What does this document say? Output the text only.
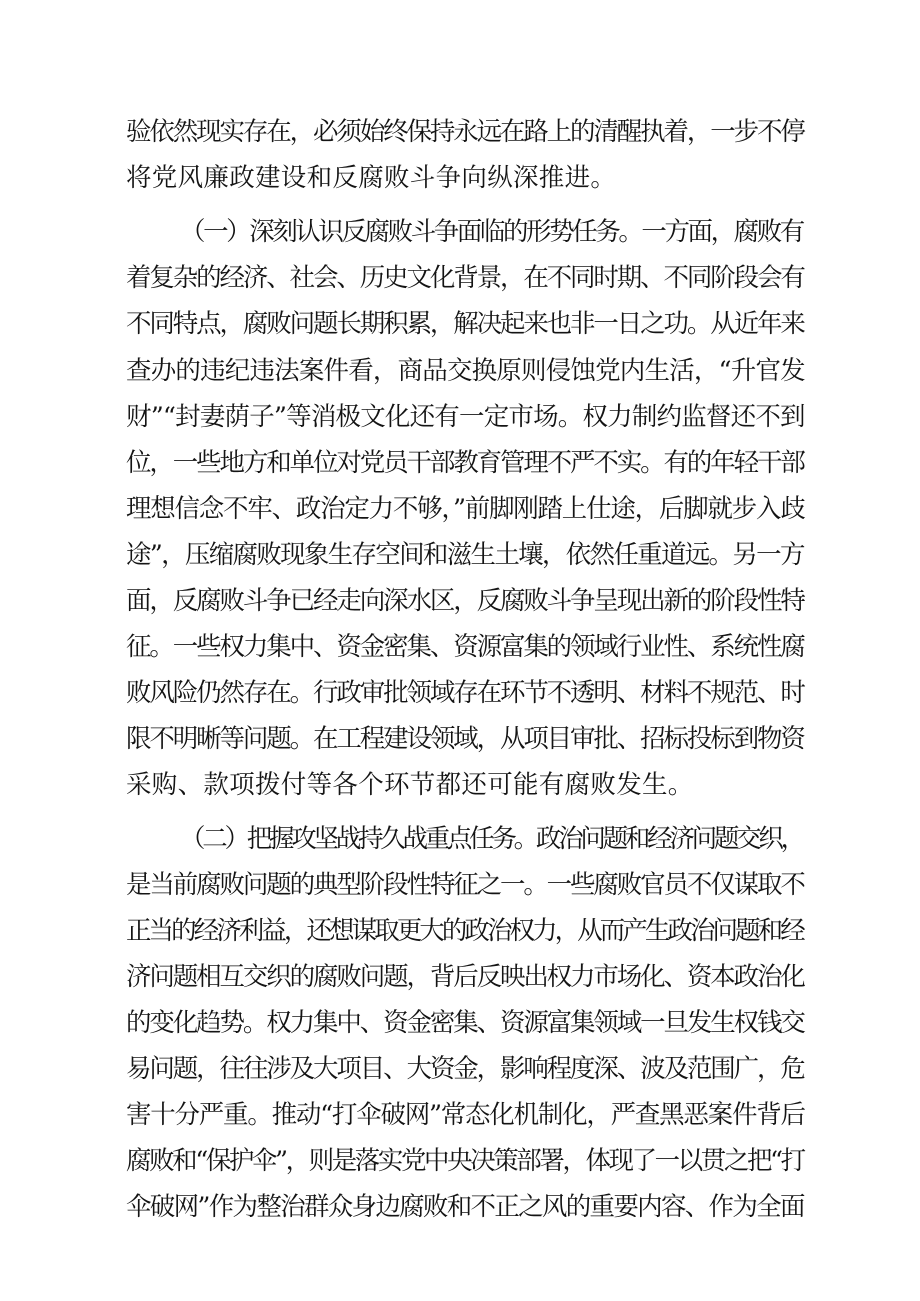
验依然现实存在，必须始终保持永远在路上的清醒执着，一步不停
将党风廉政建设和反腐败斗争向纵深推进。
（一）深刻认识反腐败斗争面临的形势任务。一方面，腐败有
着复杂的经济、社会、历史文化背景，在不同时期、不同阶段会有
不同特点，腐败问题长期积累，解决起来也非一日之功。从近年来
查办的违纪违法案件看，商品交换原则侵蚀党内生活，“升官发
财”“封妻荫子”等消极文化还有一定市场。权力制约监督还不到
位，一些地方和单位对党员干部教育管理不严不实。有的年轻干部
理想信念不牢、政治定力不够，”前脚刚踏上仕途，后脚就步入歧
途”，压缩腐败现象生存空间和滋生土壤，依然任重道远。另一方
面，反腐败斗争已经走向深水区，反腐败斗争呈现出新的阶段性特
征。一些权力集中、资金密集、资源富集的领域行业性、系统性腐
败风险仍然存在。行政审批领域存在环节不透明、材料不规范、时
限不明晰等问题。在工程建设领域，从项目审批、招标投标到物资
采购、款项拨付等各个环节都还可能有腐败发生。
（二）把握攻坚战持久战重点任务。政治问题和经济问题交织，
是当前腐败问题的典型阶段性特征之一。一些腐败官员不仅谋取不
正当的经济利益，还想谋取更大的政治权力，从而产生政治问题和经
济问题相互交织的腐败问题，背后反映出权力市场化、资本政治化
的变化趋势。权力集中、资金密集、资源富集领域一旦发生权钱交
易问题，往往涉及大项目、大资金，影响程度深、波及范围广，危
害十分严重。推动“打伞破网”常态化机制化，严查黑恶案件背后
腐败和“保护伞”，则是落实党中央决策部署，体现了一以贯之把“打
伞破网”作为整治群众身边腐败和不正之风的重要内容、作为全面
